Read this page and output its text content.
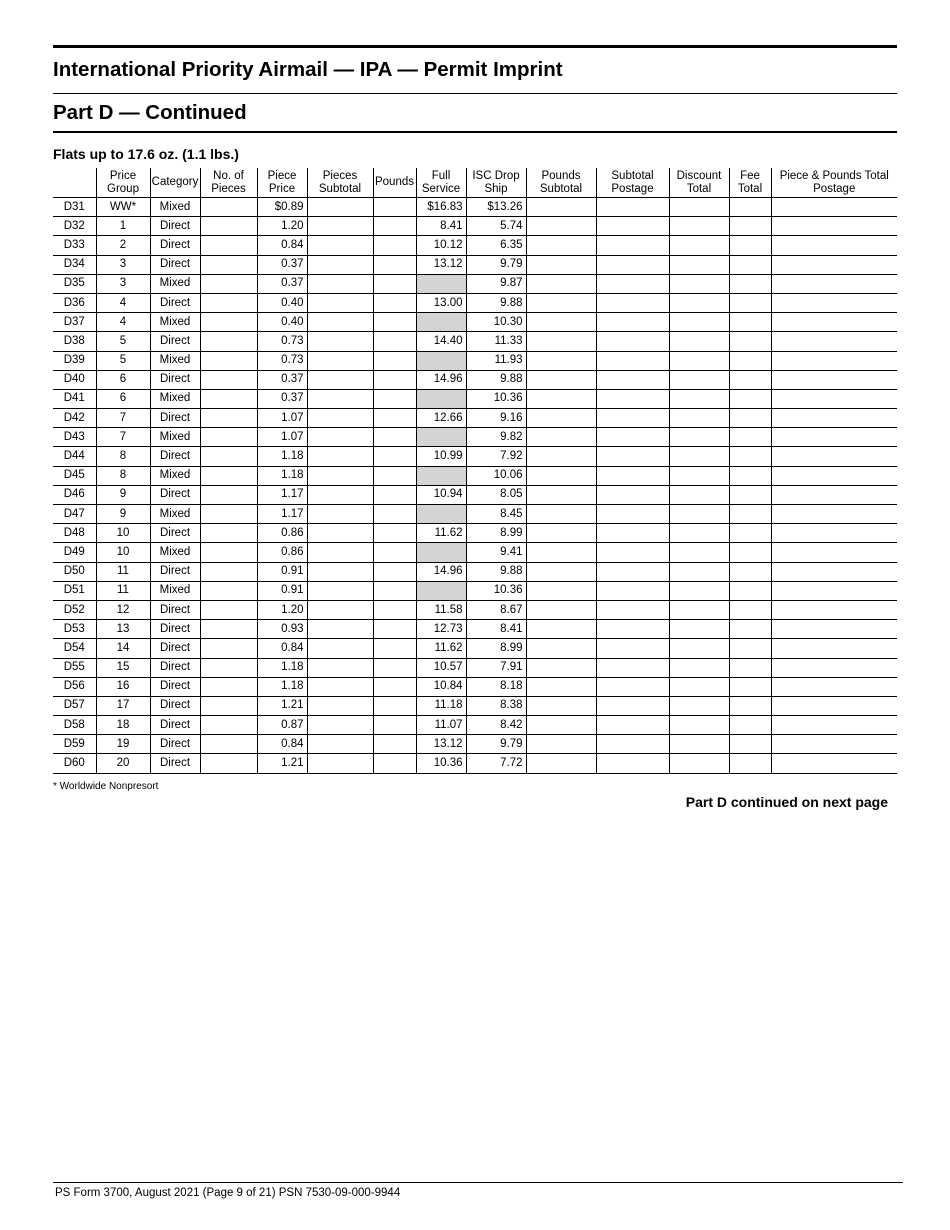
International Priority Airmail — IPA — Permit Imprint
Part D — Continued
Flats up to 17.6 oz. (1.1 lbs.)
	Price Group	Category	No. of Pieces	Piece Price	Pieces Subtotal	Pounds	Full Service	ISC Drop Ship	Pounds Subtotal	Subtotal Postage	Discount Total	Fee Total	Piece & Pounds Total Postage
D31	WW*	Mixed		$0.89			$16.83	$13.26					
D32	1	Direct		1.20			8.41	5.74					
D33	2	Direct		0.84			10.12	6.35					
D34	3	Direct		0.37			13.12	9.79					
D35	3	Mixed		0.37				9.87					
D36	4	Direct		0.40			13.00	9.88					
D37	4	Mixed		0.40				10.30					
D38	5	Direct		0.73			14.40	11.33					
D39	5	Mixed		0.73				11.93					
D40	6	Direct		0.37			14.96	9.88					
D41	6	Mixed		0.37				10.36					
D42	7	Direct		1.07			12.66	9.16					
D43	7	Mixed		1.07				9.82					
D44	8	Direct		1.18			10.99	7.92					
D45	8	Mixed		1.18				10.06					
D46	9	Direct		1.17			10.94	8.05					
D47	9	Mixed		1.17				8.45					
D48	10	Direct		0.86			11.62	8.99					
D49	10	Mixed		0.86				9.41					
D50	11	Direct		0.91			14.96	9.88					
D51	11	Mixed		0.91				10.36					
D52	12	Direct		1.20			11.58	8.67					
D53	13	Direct		0.93			12.73	8.41					
D54	14	Direct		0.84			11.62	8.99					
D55	15	Direct		1.18			10.57	7.91					
D56	16	Direct		1.18			10.84	8.18					
D57	17	Direct		1.21			11.18	8.38					
D58	18	Direct		0.87			11.07	8.42					
D59	19	Direct		0.84			13.12	9.79					
D60	20	Direct		1.21			10.36	7.72					
* Worldwide Nonpresort
Part D continued on next page
PS Form 3700, August 2021 (Page 9 of 21) PSN 7530-09-000-9944
